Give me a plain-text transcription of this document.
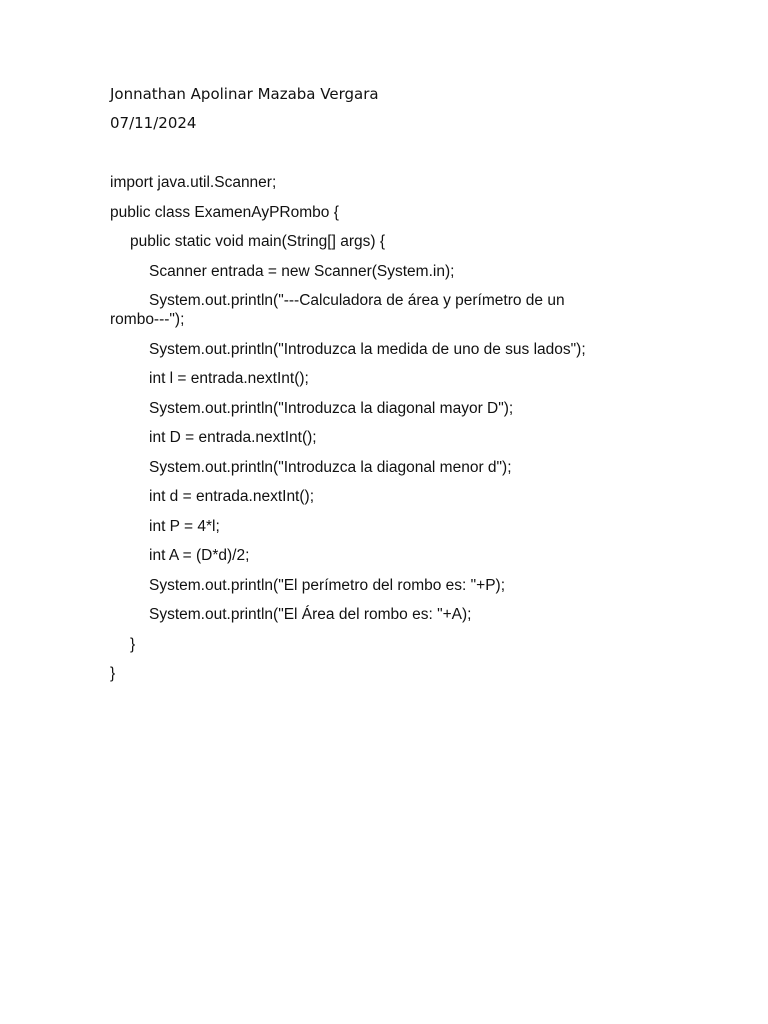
Jonnathan Apolinar Mazaba Vergara

07/11/2024

import java.util.Scanner;

public class ExamenAyPRombo {

public static void main(String[] args) {

Scanner entrada = new Scanner(System.in);

System.out.println("---Calculadora de área y perímetro de un

rombo---");

System.out.println("Introduzca la medida de uno de sus lados");

int l = entrada.nextInt();

System.out.println("Introduzca la diagonal mayor D");

int D = entrada.nextInt();

System.out.println("Introduzca la diagonal menor d");

int d = entrada.nextInt();

int P = 4*l;

int A = (D*d)/2;

System.out.println("El perímetro del rombo es: "+P);

System.out.println("El Área del rombo es: "+A);

}

}
